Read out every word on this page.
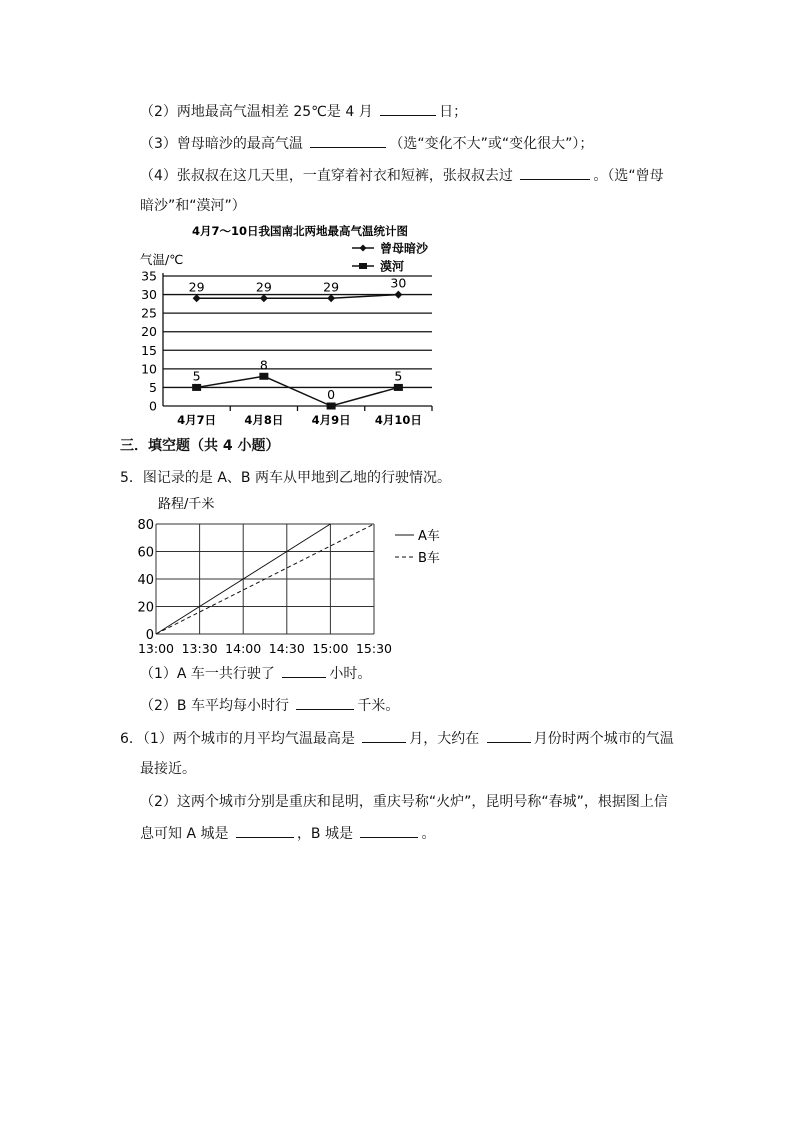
（2）两地最高气温相差 25℃是 4 月	日；
（3）曾母暗沙的最高气温	（选“变化不大”或“变化很大”）；
（4）张叔叔在这几天里，一直穿着衬衣和短裤，张叔叔去过	。（选“曾母
暗沙”和“漠河”）
0
5
10
15
20
25
30
35
4月7日 4月8日 4月9日 4月10日
29	29	29	30
5
8
0
5
曾母暗沙
漠河
4月7～10日我国南北两地最高气温统计图
气温/℃
三．填空题（共 4 小题）
5．图记录的是 A、B 两车从甲地到乙地的行驶情况。
0
20
40
60
80
13:00 13:30 14:00 14:30 15:00 15:30
A车
B车
路程/千米
（1）A 车一共行驶了	小时。
（2）B 车平均每小时行	千米。
6．（1）两个城市的月平均气温最高是	月，大约在	月份时两个城市的气温
最接近。
（2）这两个城市分别是重庆和昆明，重庆号称“火炉”，昆明号称“春城”，根据图上信
息可知 A 城是	，B 城是	。
